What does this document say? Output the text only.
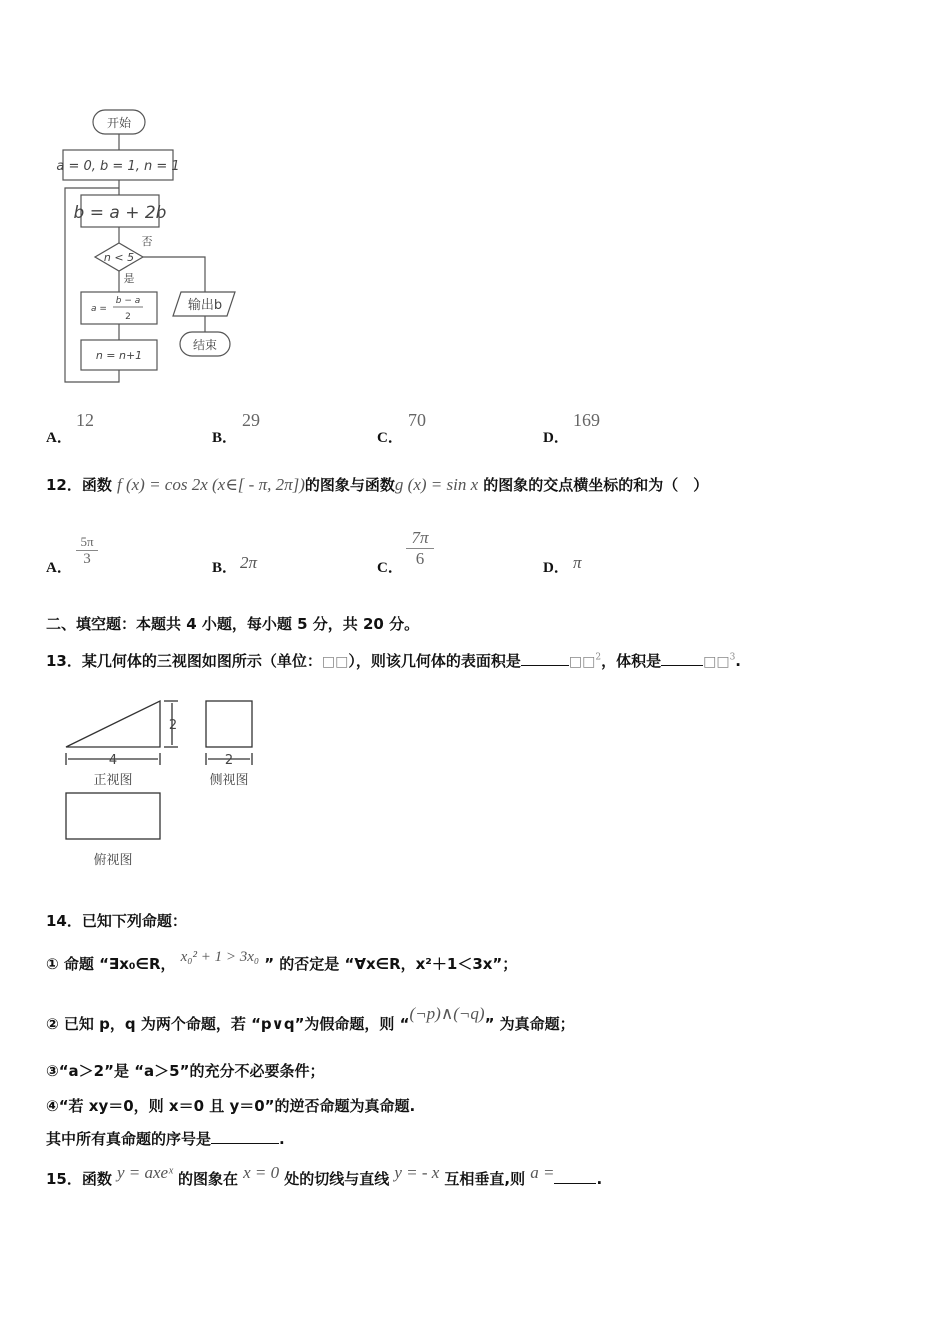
开始
a = 0, b = 1, n = 1
b = a + 2b
n < 5
否
是
a =
b − a
2
n = n+1
输出b
结束
A．
12
B．
29
C．
70
D．
169
12．函数 f (x) = cos 2x (x∈[ - π, 2π])的图象与函数g (x) = sin x 的图象的交点横坐标的和为（　）
A． $\frac{5\pi}{3}$	B． 2π	C． $\frac{7\pi}{6}$	D． π
二、填空题：本题共 4 小题，每小题 5 分，共 20 分。
13．某几何体的三视图如图所示（单位：□□），则该几何体的表面积是	□□$^2$，体积是	□□$^3$.
2
4	2
正视图	侧视图
俯视图
14．已知下列命题：
① 命题 “∃x₀∈R， x₀² + 1 > 3x₀ ” 的否定是 “∀x∈R，x²＋1＜3x”；
② 已知 p，q 为两个命题，若 “p∨q”为假命题，则 “(¬p)∧(¬q)” 为真命题；
③“a＞2”是 “a＞5”的充分不必要条件；
④“若 xy＝0，则 x＝0 且 y＝0”的逆否命题为真命题.
其中所有真命题的序号是	.
15．函数 y = axeˣ 的图象在 x = 0 处的切线与直线 y = - x 互相垂直,则 a =	.
